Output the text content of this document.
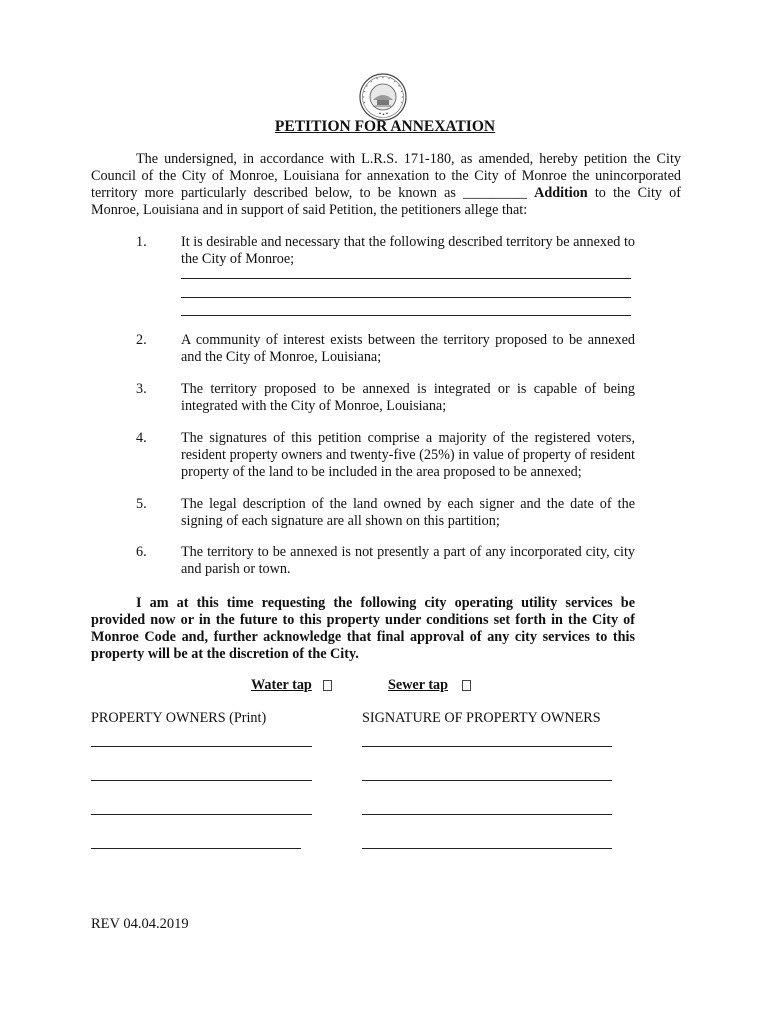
PETITION FOR ANNEXATION
The undersigned, in accordance with L.R.S. 171-180, as amended, hereby petition the City Council of the City of Monroe, Louisiana for annexation to the City of Monroe the unincorporated territory more particularly described below, to be known as _________ Addition to the City of Monroe, Louisiana and in support of said Petition, the petitioners allege that:
1. It is desirable and necessary that the following described territory be annexed to the City of Monroe;
2. A community of interest exists between the territory proposed to be annexed and the City of Monroe, Louisiana;
3. The territory proposed to be annexed is integrated or is capable of being integrated with the City of Monroe, Louisiana;
4. The signatures of this petition comprise a majority of the registered voters, resident property owners and twenty-five (25%) in value of property of resident property of the land to be included in the area proposed to be annexed;
5. The legal description of the land owned by each signer and the date of the signing of each signature are all shown on this partition;
6. The territory to be annexed is not presently a part of any incorporated city, city and parish or town.
I am at this time requesting the following city operating utility services be provided now or in the future to this property under conditions set forth in the City of Monroe Code and, further acknowledge that final approval of any city services to this property will be at the discretion of the City.
Water tap	Sewer tap
PROPERTY OWNERS (Print)	SIGNATURE OF PROPERTY OWNERS
REV 04.04.2019
